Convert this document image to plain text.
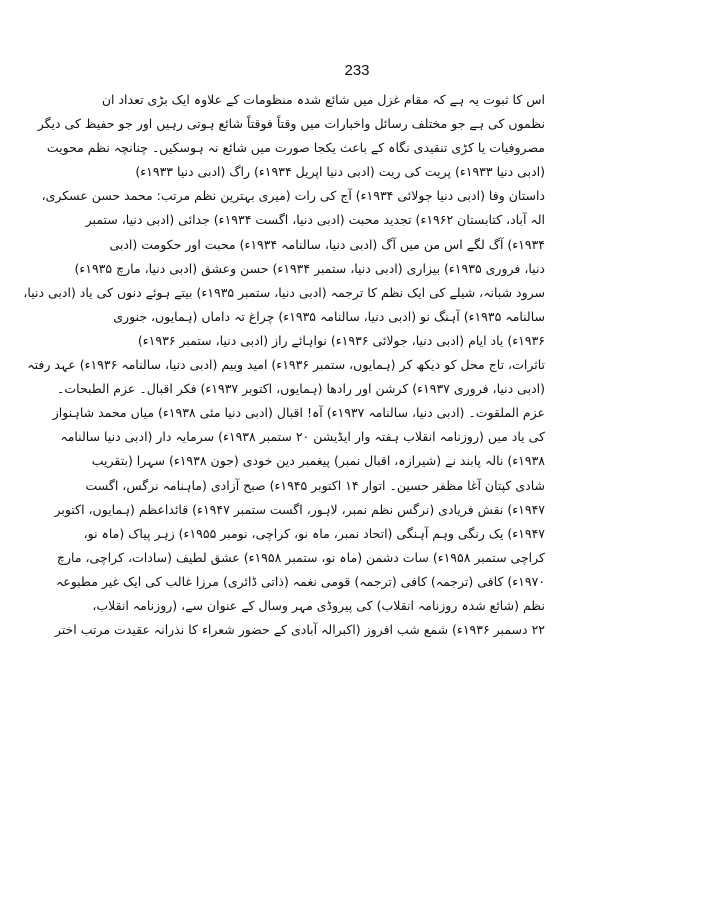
233
اس کا ثبوت یہ ہے کہ مقام غزل میں شائع شدہ منظومات کے علاوہ ایک بڑی تعداد ان
نظموں کی ہے جو مختلف رسائل واخبارات میں وقتاً فوقتاً شائع ہوتی رہیں اور جو حفیظ کی دیگر
مصروفیات یا کڑی تنقیدی نگاہ کے باعث یکجا صورت میں شائع نہ ہوسکیں۔ چنانچہ نظم محویت
(ادبی دنیا ۱۹۳۳ء) پریت کی ریت (ادبی دنیا اپریل ۱۹۳۴ء) راگ (ادبی دنیا ۱۹۳۳ء)
داستان وفا (ادبی دنیا جولائی ۱۹۳۴ء) آج کی رات (میری بہترین نظم مرتب: محمد حسن عسکری،
الہ آباد، کتابستان ۱۹۶۲ء) تجدید محبت (ادبی دنیا، اگست ۱۹۳۴ء) جدائی (ادبی دنیا، ستمبر
۱۹۳۴ء) آگ لگے اس من میں آگ (ادبی دنیا، سالنامہ ۱۹۳۴ء) محبت اور حکومت (ادبی
دنیا، فروری ۱۹۳۵ء) بیزاری (ادبی دنیا، ستمبر ۱۹۳۴ء) حسن وعشق (ادبی دنیا، مارچ ۱۹۳۵ء)
سرود شبانہ، شیلے کی ایک نظم کا ترجمہ (ادبی دنیا، ستمبر ۱۹۳۵ء) بیتے ہوئے دنوں کی یاد (ادبی دنیا،
سالنامہ ۱۹۳۵ء) آہنگ نو (ادبی دنیا، سالنامہ ۱۹۳۵ء) چراغ تہ داماں (ہمایوں، جنوری
۱۹۳۶ء) یاد ایام (ادبی دنیا، جولائی ۱۹۳۶ء) نواہائے راز (ادبی دنیا، ستمبر ۱۹۳۶ء)
تاثرات، تاج محل کو دیکھ کر (ہمایوں، ستمبر ۱۹۳۶ء) امید وبیم (ادبی دنیا، سالنامہ ۱۹۳۶ء) عہد رفتہ
(ادبی دنیا، فروری ۱۹۳۷ء) کرشن اور رادھا (ہمایوں، اکتوبر ۱۹۳۷ء) فکر اقبال۔ عزم الطبحات۔
عزم الملقوت۔ (ادبی دنیا، سالنامہ ۱۹۳۷ء) آہ! اقبال (ادبی دنیا مئی ۱۹۳۸ء) میاں محمد شاہنواز
کی یاد میں (روزنامہ انقلاب ہفتہ وار ایڈیشن ۲۰ ستمبر ۱۹۳۸ء) سرمایہ دار (ادبی دنیا سالنامہ
۱۹۳۸ء) نالہ پابند نے (شیرازہ، اقبال نمبر) پیغمبر دین خودی (جون ۱۹۳۸ء) سہرا (بتقریب
شادی کپتان آغا مظفر حسین۔ اتوار ۱۴ اکتوبر ۱۹۴۵ء) صبح آزادی (ماہنامہ نرگس، اگست
۱۹۴۷ء) نقش فریادی (نرگس نظم نمبر، لاہور، اگست ستمبر ۱۹۴۷ء) قائداعظم (ہمایوں، اکتوبر
۱۹۴۷ء) یک رنگی وہم آہنگی (اتحاد نمبر، ماہ نو، کراچی، نومبر ۱۹۵۵ء) زہر پیاک (ماہ نو،
کراچی ستمبر ۱۹۵۸ء) سات دشمن (ماہ نو، ستمبر ۱۹۵۸ء) عشق لطیف (سادات، کراچی، مارچ
۱۹۷۰ء) کافی (ترجمہ) کافی (ترجمہ) قومی نغمہ (ذاتی ڈائری) مرزا غالب کی ایک غیر مطبوعہ
نظم (شائع شدہ روزنامہ انقلاب) کی پیروڈی مہر وسال کے عنوان سے، (روزنامہ انقلاب،
۲۲ دسمبر ۱۹۳۶ء) شمع شب افروز (اکبرالہ آبادی کے حضور شعراء کا نذرانہ عقیدت مرتب اختر
